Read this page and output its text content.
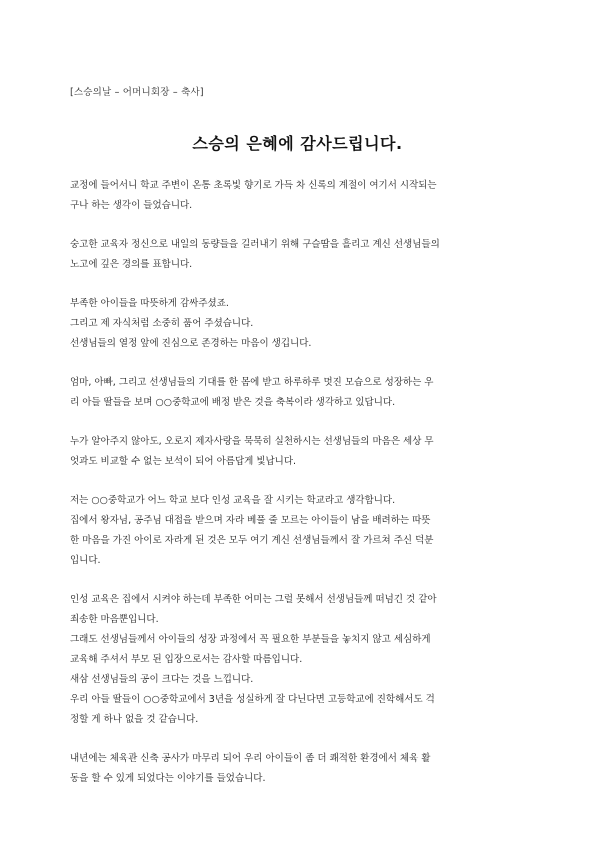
[스승의날 – 어머니회장 – 축사]

스승의 은혜에 감사드립니다.
교정에 들어서니 학교 주변이 온통 초록빛 향기로 가득 차 신록의 계절이 여기서 시작되는
구나 하는 생각이 들었습니다.
숭고한 교육자 정신으로 내일의 동량들을 길러내기 위해 구슬땀을 흘리고 계신 선생님들의
노고에 깊은 경의를 표합니다.
부족한 아이들을 따뜻하게 감싸주셨죠.
그리고 제 자식처럼 소중히 품어 주셨습니다.
선생님들의 열정 앞에 진심으로 존경하는 마음이 생깁니다.
엄마, 아빠, 그리고 선생님들의 기대를 한 몸에 받고 하루하루 멋진 모습으로 성장하는 우
리 아들 딸들을 보며 ○○중학교에 배정 받은 것을 축복이라 생각하고 있답니다.
누가 알아주지 않아도, 오로지 제자사랑을 묵묵히 실천하시는 선생님들의 마음은 세상 무
엇과도 비교할 수 없는 보석이 되어 아름답게 빛납니다.
저는 ○○중학교가 어느 학교 보다 인성 교육을 잘 시키는 학교라고 생각합니다.
집에서 왕자님, 공주님 대접을 받으며 자라 베풀 줄 모르는 아이들이 남을 배려하는 따뜻
한 마음을 가진 아이로 자라게 된 것은 모두 여기 계신 선생님들께서 잘 가르쳐 주신 덕분
입니다.
인성 교육은 집에서 시켜야 하는데 부족한 어미는 그럴 못해서 선생님들께 떠넘긴 것 같아
죄송한 마음뿐입니다.
그래도 선생님들께서 아이들의 성장 과정에서 꼭 필요한 부분들을 놓치지 않고 세심하게
교육해 주셔서 부모 된 입장으로서는 감사할 따름입니다.
새삼 선생님들의 공이 크다는 것을 느낍니다.
우리 아들 딸들이 ○○중학교에서 3년을 성실하게 잘 다닌다면 고등학교에 진학해서도 걱
정할 게 하나 없을 것 같습니다.
내년에는 체육관 신축 공사가 마무리 되어 우리 아이들이 좀 더 쾌적한 환경에서 체육 활
동을 할 수 있게 되었다는 이야기를 들었습니다.
